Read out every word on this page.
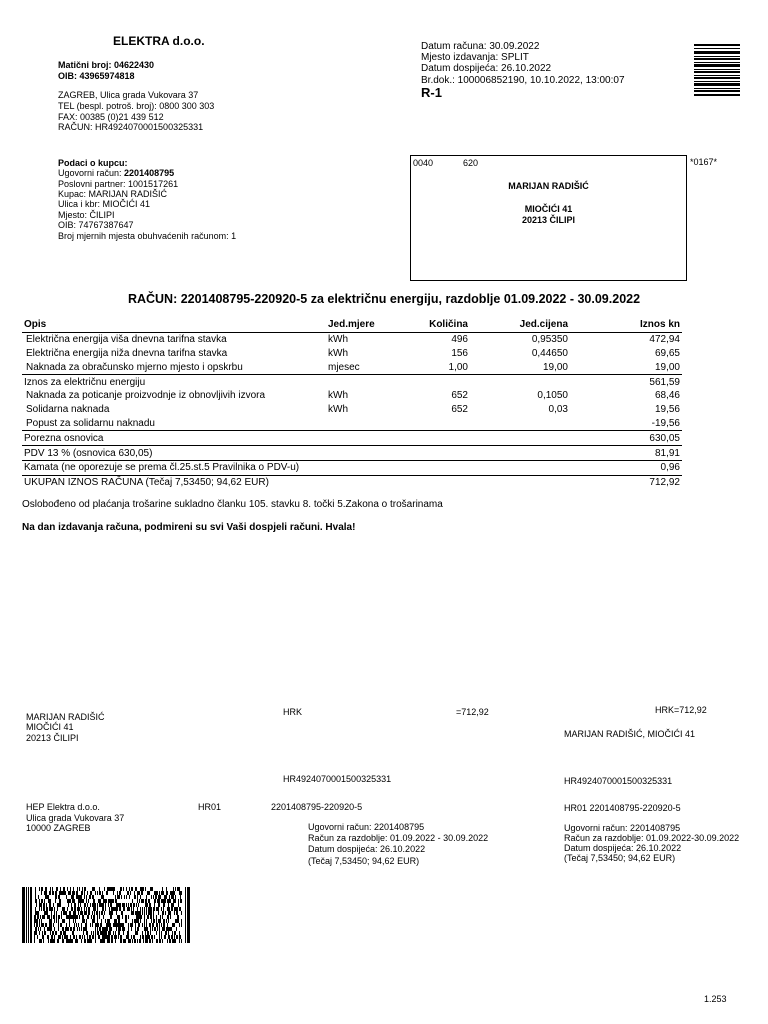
ELEKTRA d.o.o.
Matični broj: 04622430
OIB: 43965974818
ZAGREB, Ulica grada Vukovara 37
TEL (bespl. potroš. broj): 0800 300 303
FAX: 00385 (0)21 439 512
RAČUN: HR4924070001500325331
Datum računa: 30.09.2022
Mjesto izdavanja: SPLIT
Datum dospijeća: 26.10.2022
Br.dok.: 100006852190, 10.10.2022, 13:00:07
R-1
Podaci o kupcu:
Ugovorni račun: 2201408795
Poslovni partner: 1001517261
Kupac: MARIJAN RADIŠIĆ
Ulica i kbr: MIOČIĆI 41
Mjesto: ČILIPI
OIB: 74767387647
Broj mjernih mjesta obuhvaćenih računom: 1
0040	620
MARIJAN RADIŠIĆ
MIOČIĆI 41
20213 ČILIPI
*0167*
RAČUN: 2201408795-220920-5 za električnu energiju, razdoblje 01.09.2022 - 30.09.2022
Opis	Jed.mjere	Količina	Jed.cijena	Iznos kn
Električna energija viša dnevna tarifna stavka	kWh	496	0,95350	472,94
Električna energija niža dnevna tarifna stavka	kWh	156	0,44650	69,65
Naknada za obračunsko mjerno mjesto i opskrbu	mjesec	1,00	19,00	19,00
Iznos za električnu energiju				561,59
Naknada za poticanje proizvodnje iz obnovljivih izvora	kWh	652	0,1050	68,46
Solidarna naknada	kWh	652	0,03	19,56
Popust za solidarnu naknadu				-19,56
Porezna osnovica				630,05
PDV 13 % (osnovica 630,05)				81,91
Kamata (ne oporezuje se prema čl.25.st.5 Pravilnika o PDV-u)				0,96
UKUPAN IZNOS RAČUNA (Tečaj 7,53450; 94,62 EUR)				712,92
Oslobođeno od plaćanja trošarine sukladno članku 105. stavku 8. točki 5.Zakona o trošarinama
Na dan izdavanja računa, podmireni su svi Vaši dospjeli računi. Hvala!
MARIJAN RADIŠIĆ
MIOČIĆI 41
20213 ČILIPI
HRK	=712,92	HRK=712,92
MARIJAN RADIŠIĆ, MIOČIĆI 41
HR4924070001500325331	HR4924070001500325331
HEP Elektra d.o.o.
Ulica grada Vukovara 37
10000 ZAGREB
HR01	2201408795-220920-5	HR01 2201408795-220920-5
Ugovorni račun: 2201408795
Račun za razdoblje: 01.09.2022 - 30.09.2022
Datum dospijeća: 26.10.2022
(Tečaj 7,53450; 94,62 EUR)
Ugovorni račun: 2201408795
Račun za razdoblje: 01.09.2022-30.09.2022
Datum dospijeća: 26.10.2022
(Tečaj 7,53450; 94,62 EUR)
1.253
